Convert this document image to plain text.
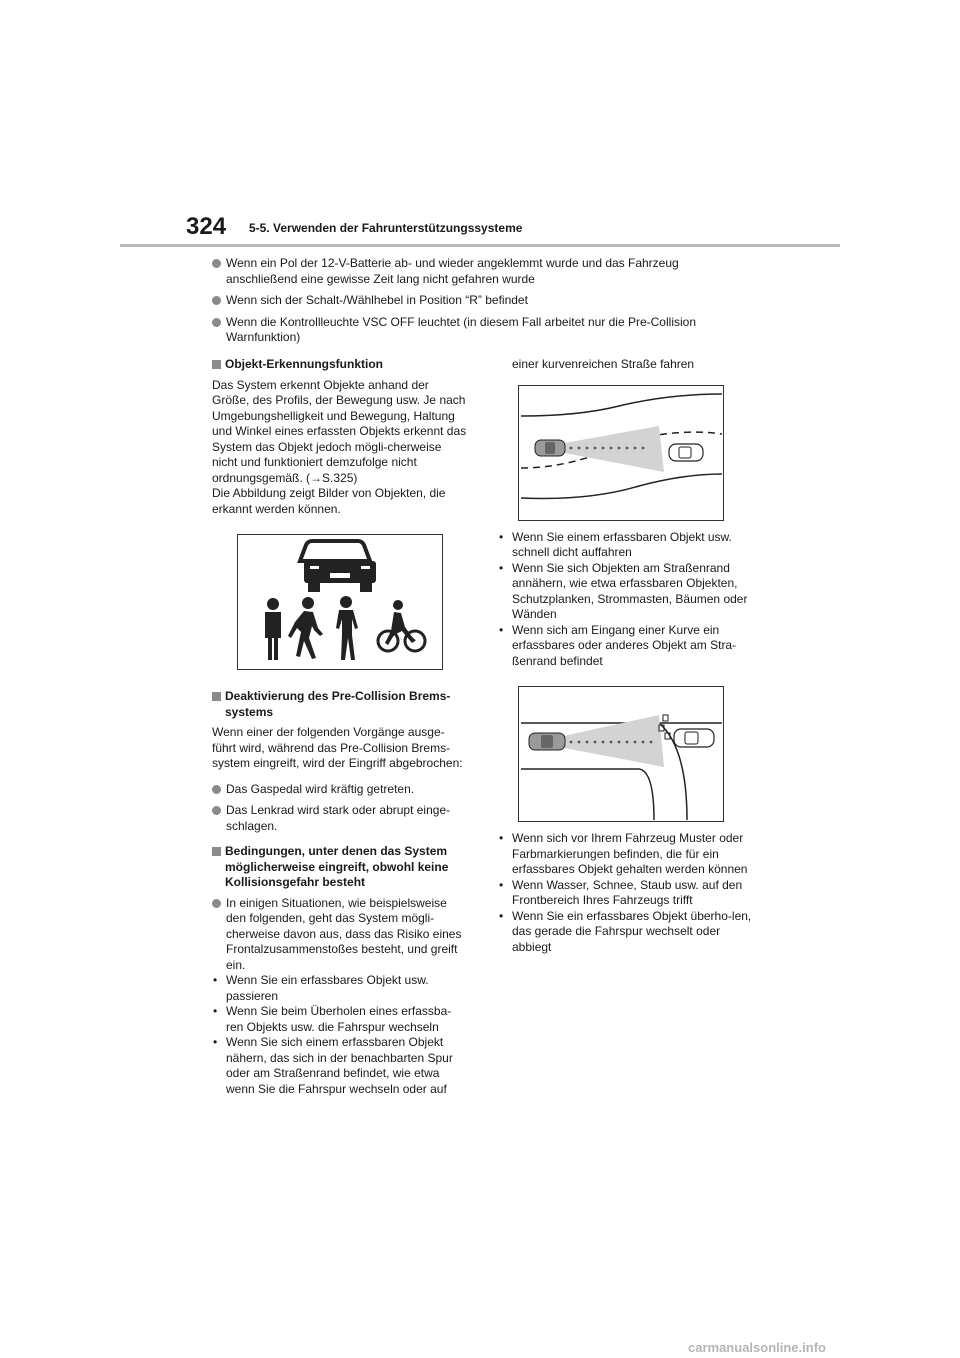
324 5-5. Verwenden der Fahrunterstützungssysteme
Wenn ein Pol der 12-V-Batterie ab- und wieder angeklemmt wurde und das Fahrzeug anschließend eine gewisse Zeit lang nicht gefahren wurde
Wenn sich der Schalt-/Wählhebel in Position “R” befindet
Wenn die Kontrollleuchte VSC OFF leuchtet (in diesem Fall arbeitet nur die Pre-Collision Warnfunktion)
Objekt-Erkennungsfunktion
Das System erkennt Objekte anhand der Größe, des Profils, der Bewegung usw. Je nach Umgebungshelligkeit und Bewegung, Haltung und Winkel eines erfassten Objekts erkennt das System das Objekt jedoch mögli-cherweise nicht und funktioniert demzufolge nicht ordnungsgemäß. (→S.325)
Die Abbildung zeigt Bilder von Objekten, die erkannt werden können.
Deaktivierung des Pre-Collision Brems-systems
Wenn einer der folgenden Vorgänge ausge-führt wird, während das Pre-Collision Brems-system eingreift, wird der Eingriff abgebrochen:
Das Gaspedal wird kräftig getreten.
Das Lenkrad wird stark oder abrupt einge-schlagen.
Bedingungen, unter denen das System möglicherweise eingreift, obwohl keine Kollisionsgefahr besteht
In einigen Situationen, wie beispielsweise den folgenden, geht das System mögli-cherweise davon aus, dass das Risiko eines Frontalzusammenstoßes besteht, und greift ein.
• Wenn Sie ein erfassbares Objekt usw. passieren
• Wenn Sie beim Überholen eines erfassba-ren Objekts usw. die Fahrspur wechseln
• Wenn Sie sich einem erfassbaren Objekt nähern, das sich in der benachbarten Spur oder am Straßenrand befindet, wie etwa wenn Sie die Fahrspur wechseln oder auf
einer kurvenreichen Straße fahren
• Wenn Sie einem erfassbaren Objekt usw. schnell dicht auffahren
• Wenn Sie sich Objekten am Straßenrand annähern, wie etwa erfassbaren Objekten, Schutzplanken, Strommasten, Bäumen oder Wänden
• Wenn sich am Eingang einer Kurve ein erfassbares oder anderes Objekt am Stra-ßenrand befindet
• Wenn sich vor Ihrem Fahrzeug Muster oder Farbmarkierungen befinden, die für ein erfassbares Objekt gehalten werden können
• Wenn Wasser, Schnee, Staub usw. auf den Frontbereich Ihres Fahrzeugs trifft
• Wenn Sie ein erfassbares Objekt überho-len, das gerade die Fahrspur wechselt oder abbiegt
carmanualsonline.info
